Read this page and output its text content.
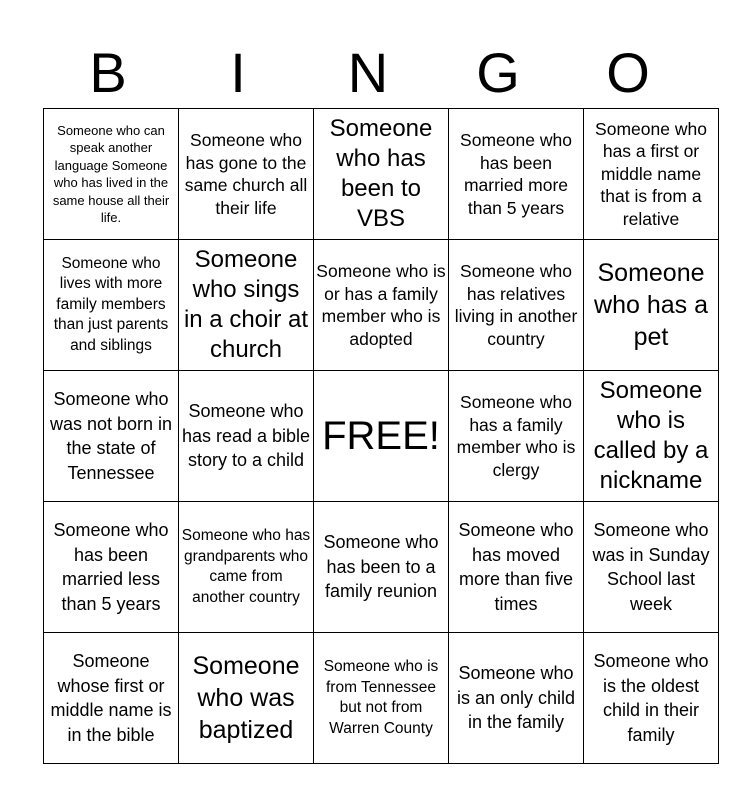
B	I	N	G	O
Someone who can speak another language Someone who has lived in the same house all their life.	Someone who has gone to the same church all their life	Someone who has been to VBS	Someone who has been married more than 5 years	Someone who has a first or middle name that is from a relative
Someone who lives with more family members than just parents and siblings	Someone who sings in a choir at church	Someone who is or has a family member who is adopted	Someone who has relatives living in another country	Someone who has a pet
Someone who was not born in the state of Tennessee	Someone who has read a bible story to a child	FREE!	Someone who has a family member who is clergy	Someone who is called by a nickname
Someone who has been married less than 5 years	Someone who has grandparents who came from another country	Someone who has been to a family reunion	Someone who has moved more than five times	Someone who was in Sunday School last week
Someone whose first or middle name is in the bible	Someone who was baptized	Someone who is from Tennessee but not from Warren County	Someone who is an only child in the family	Someone who is the oldest child in their family
